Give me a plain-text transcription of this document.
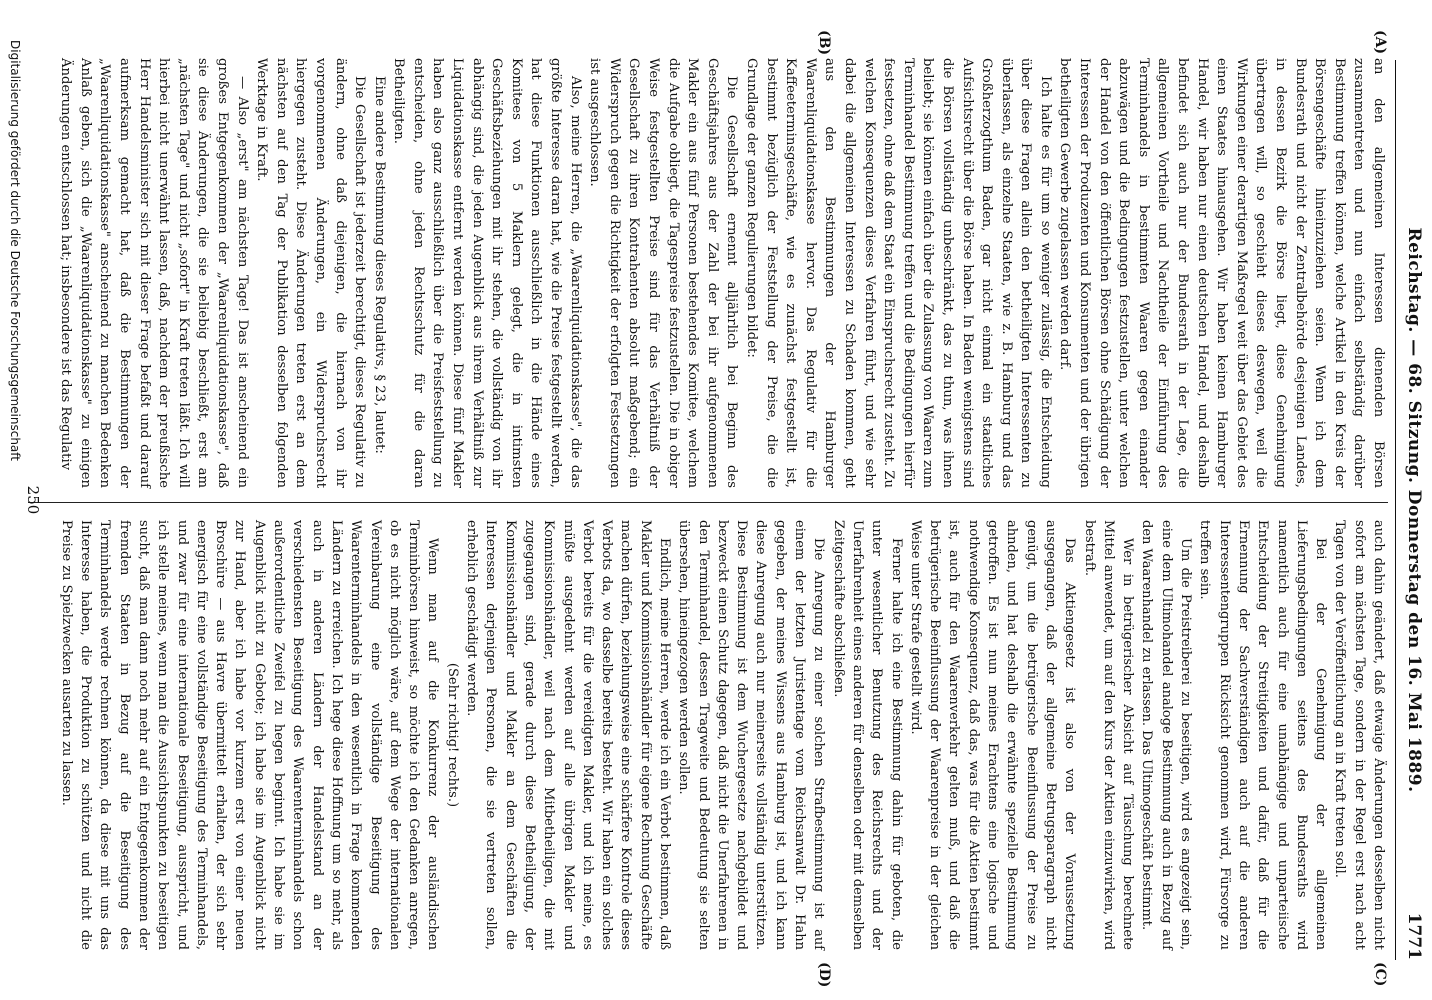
Reichstag. — 68. Sitzung. Donnerstag den 16. Mai 1889.
1771
(A)
(B)
(C)
(D)

an den allgemeinen Interessen dienenden Börsen zusammentreten und nun einfach selbständig darüber Bestimmung treffen können, welche Artikel in den Kreis der Börsengeschäfte hineinzuziehen seien. Wenn ich dem Bundesrath und nicht der Zentralbehörde desjenigen Landes, in dessen Bezirk die Börse liegt, diese Genehmigung übertragen will, so geschieht dieses deswegen, weil die Wirkungen einer derartigen Maßregel weit über das Gebiet des einen Staates hinausgehen. Wir haben keinen Hamburger Handel, wir haben nur einen deutschen Handel, und deshalb befindet sich auch nur der Bundesrath in der Lage, die allgemeinen Vortheile und Nachtheile der Einführung des Terminhandels in bestimmten Waaren gegen einander abzuwägen und die Bedingungen festzustellen, unter welchen der Handel von den öffentlichen Börsen ohne Schädigung der Interessen der Produzenten und Konsumenten und der übrigen betheiligten Gewerbe zugelassen werden darf.

Ich halte es für um so weniger zulässig, die Entscheidung über diese Fragen allein den betheiligten Interessenten zu überlassen, als einzelne Staaten, wie z. B. Hamburg und das Großherzogthum Baden, gar nicht einmal ein staatliches Aufsichtsrecht über die Börse haben. In Baden wenigstens sind die Börsen vollständig unbeschränkt, das zu thun, was ihnen beliebt; sie können einfach über die Zulassung von Waaren zum Terminhandel Bestimmung treffen und die Bedingungen hierfür festsetzen, ohne daß dem Staat ein Einspruchsrecht zusteht. Zu welchen Konsequenzen dieses Verfahren führt, und wie sehr dabei die allgemeinen Interessen zu Schaden kommen, geht aus den Bestimmungen der Hamburger Waarenliquidationskasse hervor. Das Regulativ für die Kaffeeterminsgeschäfte, wie es zunächst festgestellt ist, bestimmt bezüglich der Feststellung der Preise, die die Grundlage der ganzen Regulierungen bildet:

Die Gesellschaft ernennt alljährlich bei Beginn des Geschäftsjahres aus der Zahl der bei ihr aufgenommenen Makler ein aus fünf Personen bestehendes Komitee, welchem die Aufgabe obliegt, die Tagespreise festzustellen. Die in obiger Weise festgestellten Preise sind für das Verhältniß der Gesellschaft zu ihren Kontrahenten absolut maßgebend; ein Widerspruch gegen die Richtigkeit der erfolgten Festsetzungen ist ausgeschlossen.

Also, meine Herren, die „Waarenliquidationskasse", die das größte Interesse daran hat, wie die Preise festgestellt werden, hat diese Funktionen ausschließlich in die Hände eines Komitees von 5 Maklern gelegt, die in intimsten Geschäftsbeziehungen mit ihr stehen, die vollständig von ihr abhängig sind, die jeden Augenblick aus ihrem Verhältniß zur Liquidationskasse entfernt werden können. Diese fünf Makler haben also ganz ausschließlich über die Preisfeststellung zu entscheiden, ohne jeden Rechtsschutz für die daran Betheiligten.

Eine andere Bestimmung dieses Regulativs, § 23, lautet:

Die Gesellschaft ist jederzeit berechtigt, dieses Regulativ zu ändern, ohne daß diejenigen, die hiernach von ihr vorgenommenen Änderungen, ein Widerspruchsrecht hiergegen zusteht. Diese Änderungen treten erst an dem nächsten auf den Tag der Publikation desselben folgenden Werktage in Kraft.

— Also „erst" am nächsten Tage! Das ist anscheinend ein großes Entgegenkommen der „Waarenliquidationskasse", daß sie diese Änderungen, die sie beliebig beschließt, erst am „nächsten Tage" und nicht „sofort" in Kraft treten läßt. Ich will hierbei nicht unerwähnt lassen, daß, nachdem der preußische Herr Handelsminister sich mit dieser Frage befaßt und darauf aufmerksam gemacht hat, daß die Bestimmungen der „Waarenliquidationskasse" anscheinend zu manchen Bedenken Anlaß geben, sich die „Waarenliquidationskasse" zu einigen Änderungen entschlossen hat; insbesondere ist das Regulativ

auch dahin geändert, daß etwaige Änderungen desselben nicht sofort am nächsten Tage, sondern in der Regel erst nach acht Tagen von der Veröffentlichung an in Kraft treten soll.

Bei der Genehmigung der allgemeinen Lieferungsbedingungen seitens des Bundesraths wird namentlich auch für eine unabhängige und unparteiische Entscheidung der Streitigkeiten und dafür, daß für die Ernennung der Sachverständigen auch auf die anderen Interessentengruppen Rücksicht genommen wird, Fürsorge zu treffen sein.

Um die Preistreiberei zu beseitigen, wird es angezeigt sein, eine dem Ultimohandel analoge Bestimmung auch in Bezug auf den Waarenhandel zu erlassen. Das Ultimogeschäft bestimmt.

Wer in betrügerischer Absicht auf Täuschung berechnete Mittel anwendet, um auf den Kurs der Aktien einzuwirken, wird bestraft.

Das Aktiengesetz ist also von der Voraussetzung ausgegangen, daß der allgemeine Betrugsparagraph nicht genügt, um die betrügerische Beeinflussung der Preise zu ahnden, und hat deshalb die erwähnte spezielle Bestimmung getroffen. Es ist nun meines Erachtens eine logische und nothwendige Konsequenz, daß das, was für die Aktien bestimmt ist, auch für den Waarenverkehr gelten muß, und daß die betrügerische Beeinflussung der Waarenpreise in der gleichen Weise unter Strafe gestellt wird.

Ferner halte ich eine Bestimmung dahin für geboten, die unter wesentlicher Benutzung des Reichsrechts und der Unerfahrenheit eines anderen für denselben oder mit demselben Zeitgeschäfte abschließen.

Die Anregung zu einer solchen Strafbestimmung ist auf einem der letzten Juristentage vom Reichsanwalt Dr. Hahn gegeben, der meines Wissens aus Hamburg ist, und ich kann diese Anregung auch nur meinerseits vollständig unterstützen. Diese Bestimmung ist dem Wuchergesetze nachgebildet und bezweckt einen Schutz dagegen, daß nicht die Unerfahrenen in den Terminhandel, dessen Tragweite und Bedeutung sie selten übersehen, hineingezogen werden sollen.

Endlich, meine Herren, werde ich ein Verbot bestimmen, daß Makler und Kommissionshändler für eigene Rechnung Geschäfte machen dürfen, beziehungsweise eine schärfere Kontrole dieses Verbots da, wo dasselbe bereits besteht. Wir haben ein solches Verbot bereits für die vereidigten Makler, und ich meine, es müßte ausgedehnt werden auf alle übrigen Makler und Kommissionshändler, weil nach dem Mitbetheiligen, die mit zugegangen sind, gerade durch diese Betheiligung, der Kommissionshändler und Makler an dem Geschäften die Interessen derjenigen Personen, die sie vertreten sollen, erheblich geschädigt werden.

(Sehr richtig! rechts.)

Wenn man auf die Konkurrenz der ausländischen Terminbörsen hinweist, so möchte ich den Gedanken anregen, ob es nicht möglich wäre, auf dem Wege der internationalen Vereinbarung eine vollständige Beseitigung des Waarenterminhandels in den wesentlich in Frage kommenden Ländern zu erreichen. Ich hege diese Hoffnung um so mehr, als auch in anderen Ländern der Handelsstand an der verschiedensten Beseitigung des Waarenterminhandels schon außerordentliche Zweifel zu hegen beginnt. Ich habe sie im Augenblick nicht zu Gebote; ich habe sie im Augenblick nicht zur Hand, aber ich habe vor kurzem erst von einer neuen Broschüre — aus Havre übermittelt erhalten, der sich sehr energisch für eine vollständige Beseitigung des Terminhandels, und zwar für eine internationale Beseitigung, ausspricht, und ich stelle meines, wenn man die Aussichtspunkten zu beseitigen sucht, daß man dann noch mehr auf ein Entgegenkommen der fremden Staaten in Bezug auf die Beseitigung des Terminhandels werde rechnen können, da diese mit uns das Interesse haben, die Produktion zu schützen und nicht die Preise zu Spielzwecken ausarten zu lassen.

250
Digitalisierung gefördert durch die Deutsche Forschungsgemeinschaft
